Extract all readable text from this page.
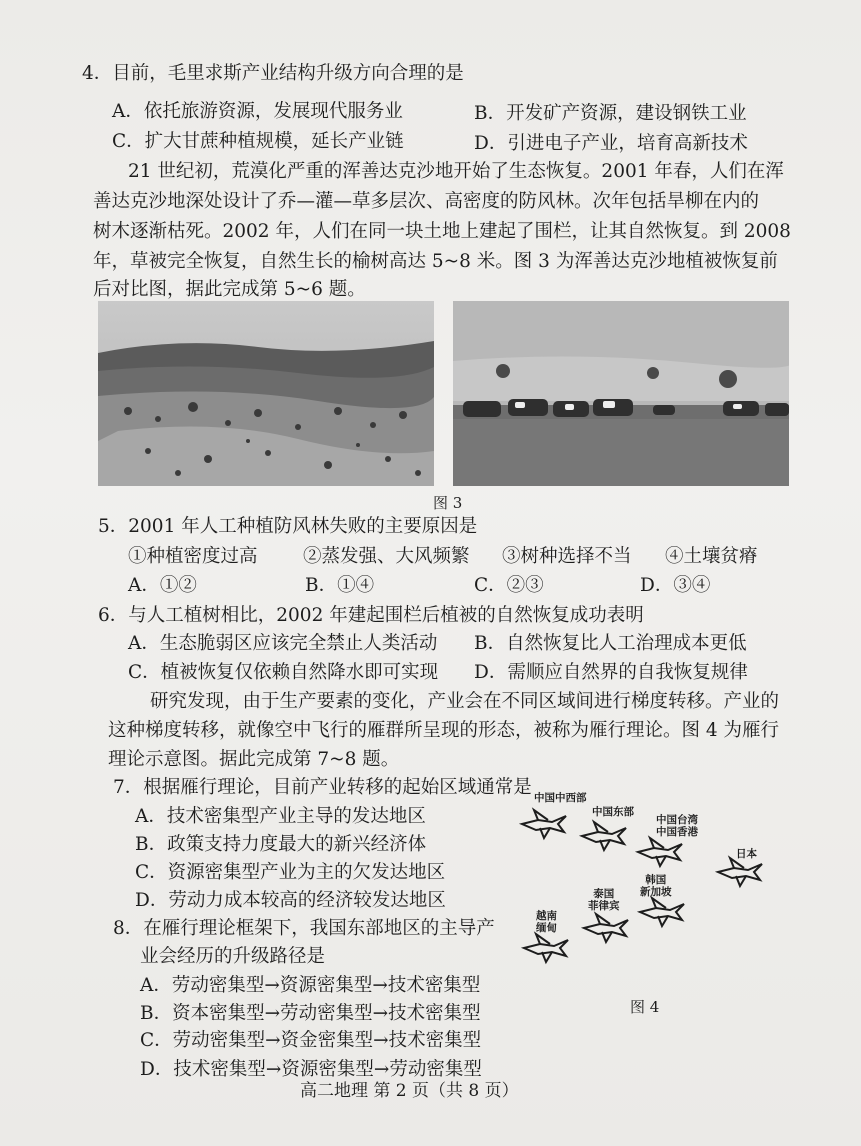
4．目前，毛里求斯产业结构升级方向合理的是
A．依托旅游资源，发展现代服务业	B．开发矿产资源，建设钢铁工业
C．扩大甘蔗种植规模，延长产业链	D．引进电子产业，培育高新技术
21 世纪初，荒漠化严重的浑善达克沙地开始了生态恢复。2001 年春，人们在浑
善达克沙地深处设计了乔—灌—草多层次、高密度的防风林。次年包括旱柳在内的
树木逐渐枯死。2002 年，人们在同一块土地上建起了围栏，让其自然恢复。到 2008
年，草被完全恢复，自然生长的榆树高达 5~8 米。图 3 为浑善达克沙地植被恢复前
后对比图，据此完成第 5~6 题。
图 3
5．2001 年人工种植防风林失败的主要原因是
①种植密度过高 ②蒸发强、大风频繁 ③树种选择不当 ④土壤贫瘠
A．①②	B．①④	C．②③	D．③④
6．与人工植树相比，2002 年建起围栏后植被的自然恢复成功表明
A．生态脆弱区应该完全禁止人类活动 B．自然恢复比人工治理成本更低
C．植被恢复仅依赖自然降水即可实现 D．需顺应自然界的自我恢复规律
研究发现，由于生产要素的变化，产业会在不同区域间进行梯度转移。产业的
这种梯度转移，就像空中飞行的雁群所呈现的形态，被称为雁行理论。图 4 为雁行
理论示意图。据此完成第 7~8 题。
7．根据雁行理论，目前产业转移的起始区域通常是
A．技术密集型产业主导的发达地区
B．政策支持力度最大的新兴经济体
C．资源密集型产业为主的欠发达地区
D．劳动力成本较高的经济较发达地区
8．在雁行理论框架下，我国东部地区的主导产
业会经历的升级路径是
A．劳动密集型→资源密集型→技术密集型
B．资本密集型→劳动密集型→技术密集型
C．劳动密集型→资金密集型→技术密集型
D．技术密集型→资源密集型→劳动密集型
中国中西部
中国东部
中国台湾
中国香港
日本
韩国
新加坡
泰国
菲律宾
越南
缅甸
图 4
高二地理 第 2 页（共 8 页）
